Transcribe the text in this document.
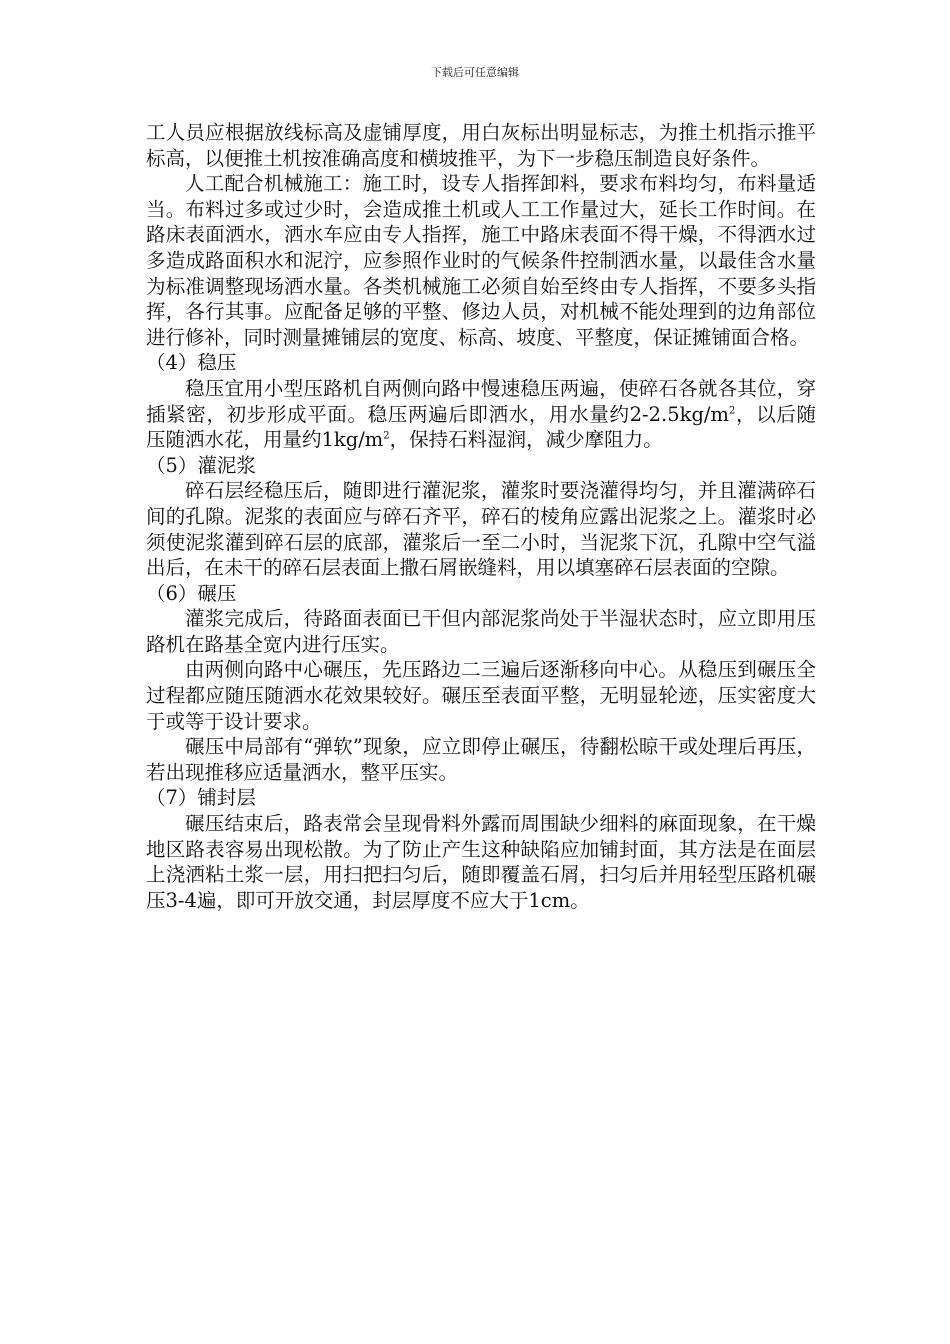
下载后可任意编辑

工人员应根据放线标高及虚铺厚度，用白灰标出明显标志，为推土机指示推平标高，以便推土机按准确高度和横坡推平，为下一步稳压制造良好条件。

人工配合机械施工：施工时，设专人指挥卸料，要求布料均匀，布料量适当。布料过多或过少时，会造成推土机或人工工作量过大，延长工作时间。在路床表面洒水，洒水车应由专人指挥，施工中路床表面不得干燥，不得洒水过多造成路面积水和泥泞，应参照作业时的气候条件控制洒水量，以最佳含水量为标准调整现场洒水量。各类机械施工必须自始至终由专人指挥，不要多头指挥，各行其事。应配备足够的平整、修边人员，对机械不能处理到的边角部位进行修补，同时测量摊铺层的宽度、标高、坡度、平整度，保证摊铺面合格。

（4）稳压

稳压宜用小型压路机自两侧向路中慢速稳压两遍，使碎石各就各其位，穿插紧密，初步形成平面。稳压两遍后即洒水，用水量约$2-2.5kg/m^2$，以后随压随洒水花，用量约$1kg/m^2$，保持石料湿润，减少摩阻力。

（5）灌泥浆

碎石层经稳压后，随即进行灌泥浆，灌浆时要浇灌得均匀，并且灌满碎石间的孔隙。泥浆的表面应与碎石齐平，碎石的棱角应露出泥浆之上。灌浆时必须使泥浆灌到碎石层的底部，灌浆后一至二小时，当泥浆下沉，孔隙中空气溢出后，在未干的碎石层表面上撒石屑嵌缝料，用以填塞碎石层表面的空隙。

（6）碾压

灌浆完成后，待路面表面已干但内部泥浆尚处于半湿状态时，应立即用压路机在路基全宽内进行压实。

由两侧向路中心碾压，先压路边二三遍后逐渐移向中心。从稳压到碾压全过程都应随压随洒水花效果较好。碾压至表面平整，无明显轮迹，压实密度大于或等于设计要求。

碾压中局部有“弹软”现象，应立即停止碾压，待翻松晾干或处理后再压，若出现推移应适量洒水，整平压实。

（7）铺封层

碾压结束后，路表常会呈现骨料外露而周围缺少细料的麻面现象，在干燥地区路表容易出现松散。为了防止产生这种缺陷应加铺封面，其方法是在面层上浇洒粘土浆一层，用扫把扫匀后，随即覆盖石屑，扫匀后并用轻型压路机碾压3-4遍，即可开放交通，封层厚度不应大于1cm。
